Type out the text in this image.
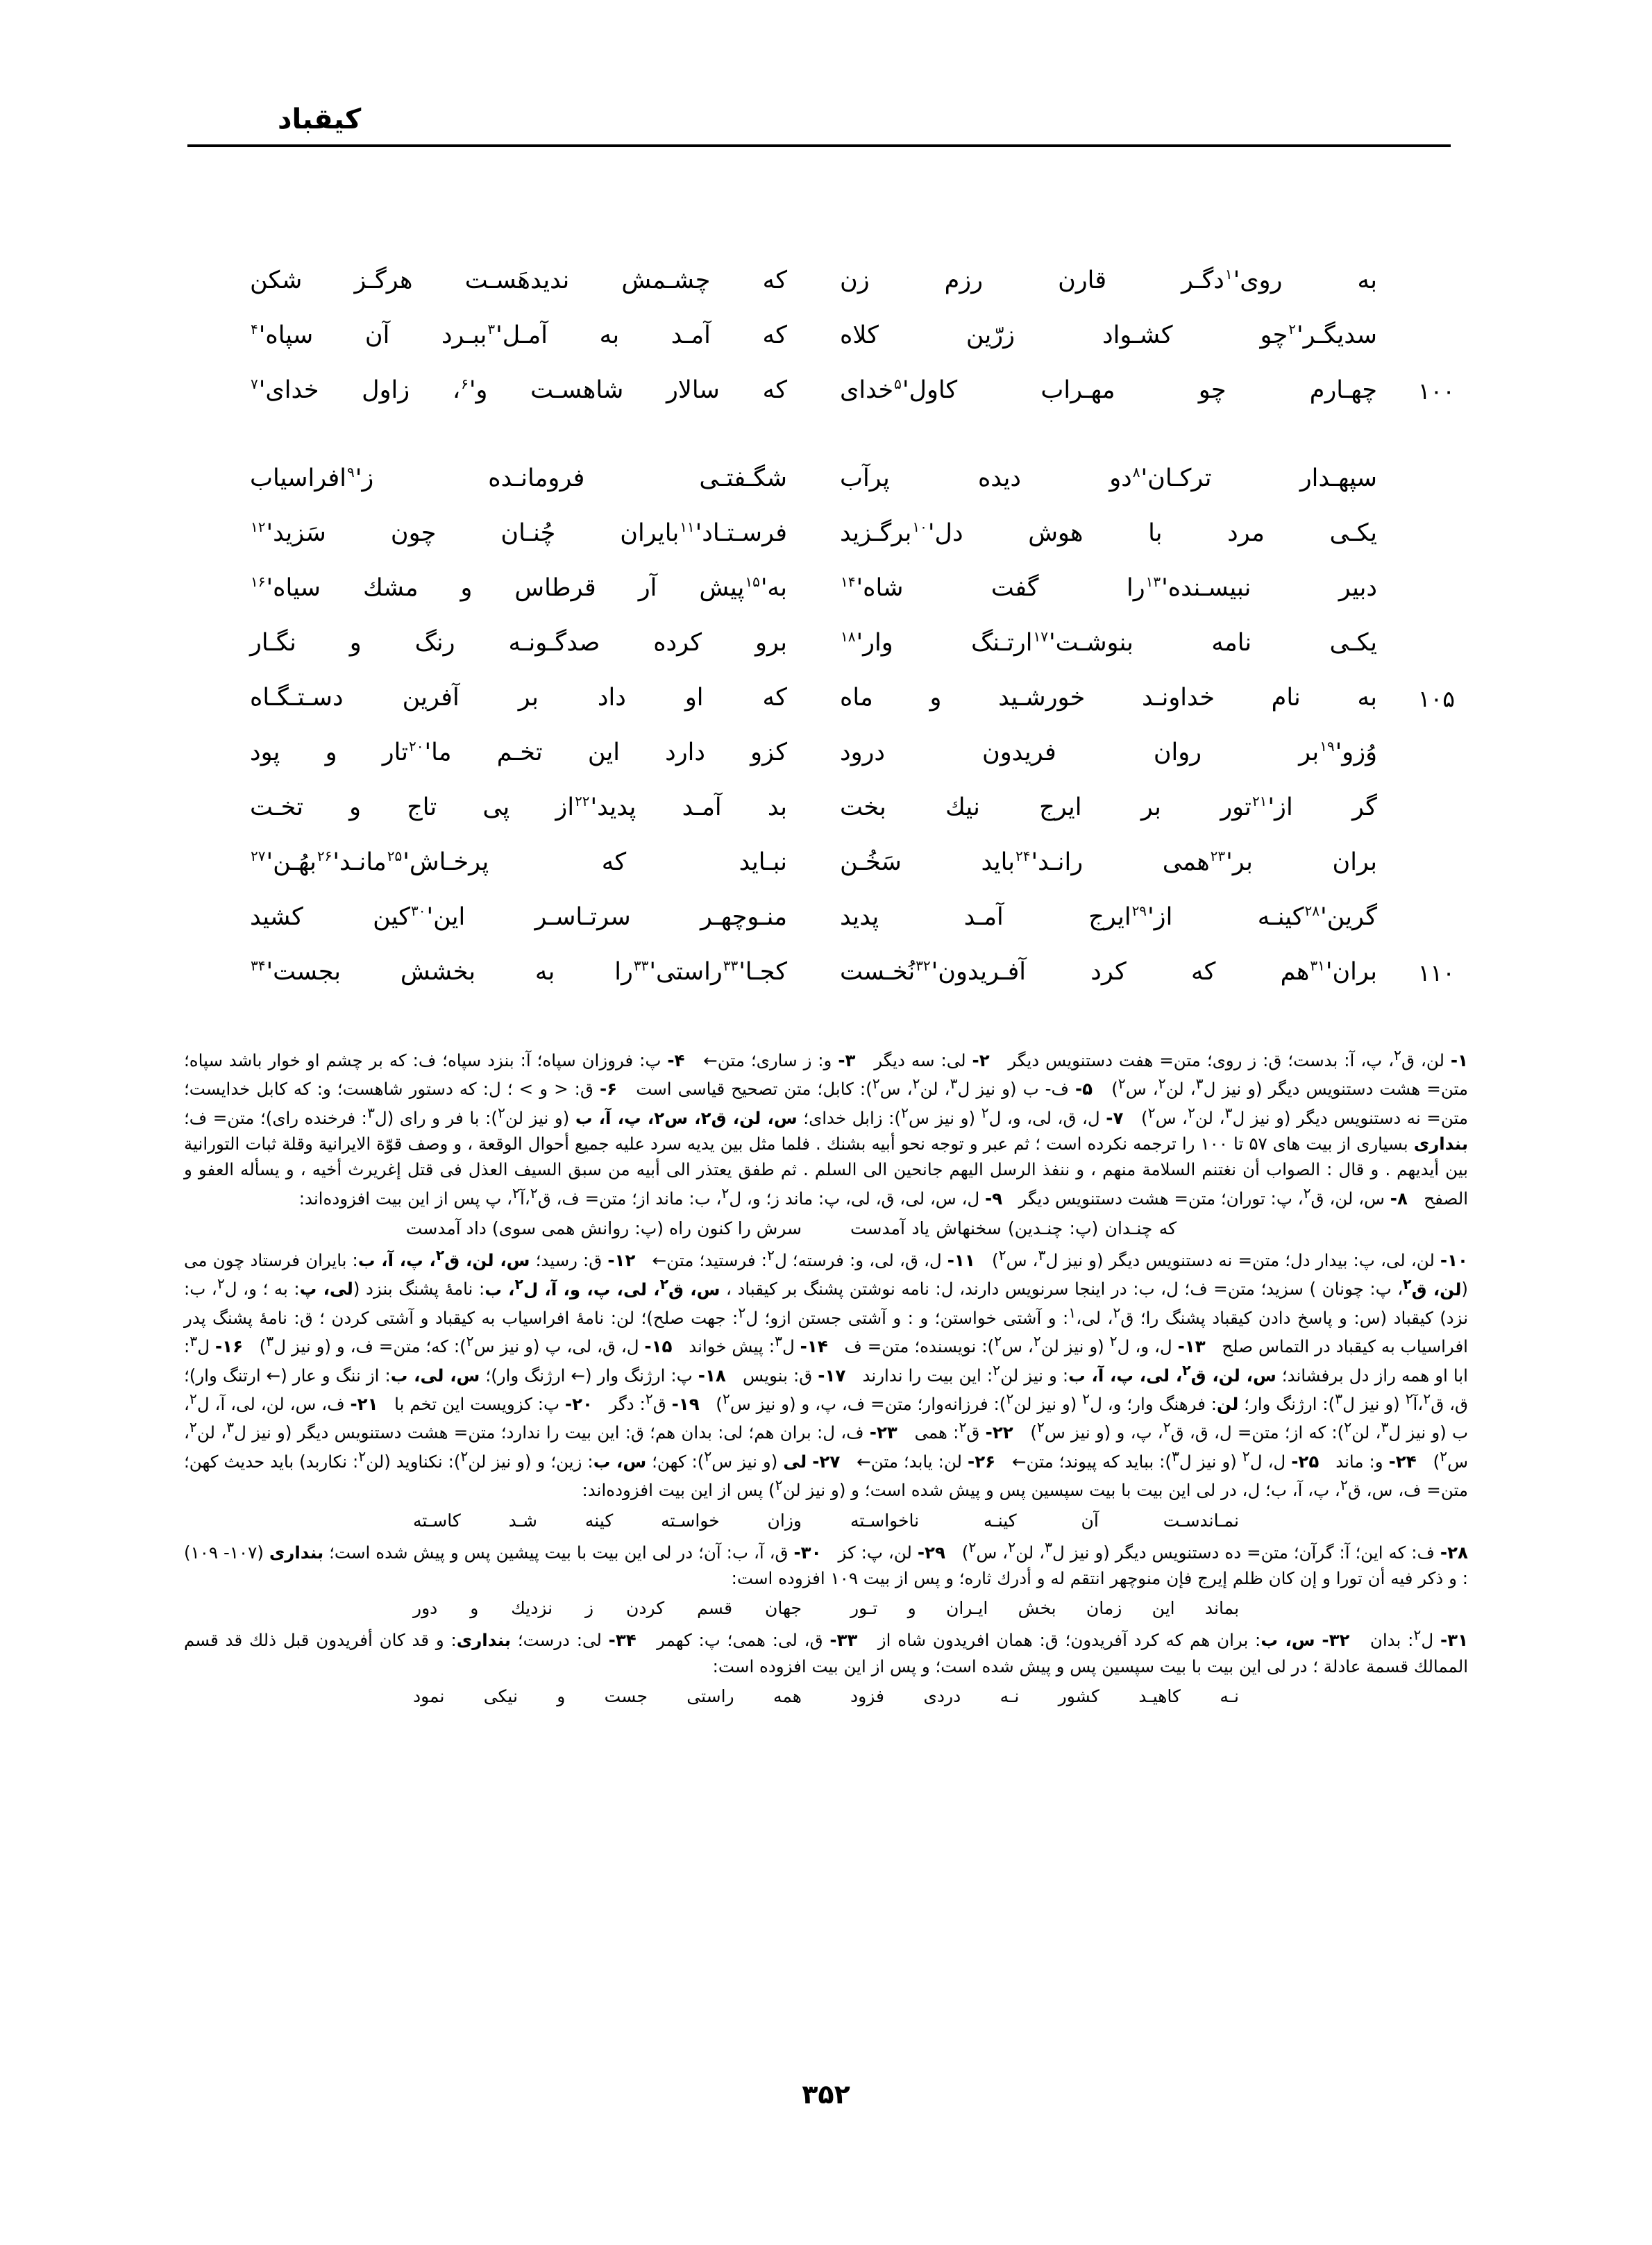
کیقباد
به روی'$^۱$دگـر قارن رزم زن
که چشـمش ندیدهَسـت هرگـز شکن
سدیگـر'$^۲$چو کشـواد زرّین کلاه
که آمـد به آمـل'$^۳$ببـرد آن سپاه'$^۴$
۱۰۰
چهـارم چو مهـراب کاول'$^۵$خدای
که سالار شاهسـت و'$^۶$، زاول خدای'$^۷$
سپهـدار ترکـان'$^۸$دو دیده پرآب
شگـفتـی فرومانـده ز'$^۹$افراسیاب
یکـی مرد با هوش دل'$^{۱۰}$برگـزید
فرسـتـاد'$^{۱۱}$بایران چُنـان چون سَزید'$^{۱۲}$
دبیر نبیسـنده'$^{۱۳}$را گفت شاه'$^{۱۴}$
به'$^{۱۵}$پیش آر قرطاس و مشك سیاه'$^{۱۶}$
یکـی نامه بنوشـت'$^{۱۷}$ارتـنگ وار'$^{۱۸}$
برو کرده صدگـونـه رنگ و نگـار
۱۰۵
به نام خداونـد خورشـید و ماه
که او داد بر آفرین دسـتـگـاه
وُزو'$^{۱۹}$بر روان فریدون درود
کزو دارد این تخـم ما'$^{۲۰}$تار و پود
گر از'$^{۲۱}$تور بر ایرج نیك بخت
بد آمـد پدید'$^{۲۲}$از پی تاج و تخـت
بران بر'$^{۲۳}$همی رانـد'$^{۲۴}$باید سَخُـن
نبـاید که پرخـاش'$^{۲۵}$مانـد'$^{۲۶}$بهُـن'$^{۲۷}$
گرین'$^{۲۸}$کینـه از'$^{۲۹}$ایرج آمـد پدید
منـوچهـر سرتـاسـر این'$^{۳۰}$کین کشید
۱۱۰
بران'$^{۳۱}$هم که کرد آفـریدون'$^{۳۲}$نُخـست
کجـا'$^{۳۳}$راستی'$^{۳۳}$را به بخشش بجست'$^{۳۴}$

۱- لن، ق$^۲$، پ، آ: بدست؛ ق: ز روی؛ متن= هفت دستنویس دیگر   ۲- لی: سه دیگر   ۳- و: ز ساری؛ متن←   ۴- پ: فروزان سپاه؛ آ: بنزد سپاه؛ ف: که بر چشم او خوار باشد سپاه؛ متن= هشت دستنویس دیگر (و نیز ل$^۳$، لن$^۲$، س$^۲$)   ۵- ف- ب (و نیز ل$^۳$، لن$^۲$، س$^۲$): کابل؛ متن تصحیح قیاسی است   ۶- ق: < و > ؛ ل: که دستور شاهست؛ و: که کابل خدایست؛ متن= نه دستنویس دیگر (و نیز ل$^۳$، لن$^۲$، س$^۲$)   ۷- ل، ق، لی، و، ل$^۲$ (و نیز س$^۲$): زابل خدای؛ س، لن، ق۲، س۲، پ، آ، ب (و نیز لن$^۲$): با فر و رای (ل$^۳$: فرخنده رای)؛ متن= ف؛ بنداری بسیاری از بیت های ۵۷ تا ۱۰۰ را ترجمه نکرده است ؛ ثم عبر و توجه نحو أبیه بشنك . فلما مثل بین یدیه سرد علیه جمیع أحوال الوقعة ، و وصف قوّة الایرانیة وقلة ثبات التورانیة بین أیدیهم . و قال : الصواب أن نغتنم السلامة منهم ، و ننفذ الرسل الیهم جانحین الی السلم . ثم طفق یعتذر الی أبیه من سبق السیف العذل فی قتل إغریرث أخیه ، و یسأله العفو و الصفح   ۸- س، لن، ق$^۲$، پ: توران؛ متن= هشت دستنویس دیگر   ۹- ل، س، لی، ق، لی، پ: ماند ز؛ و، ل$^۲$، ب: ماند از؛ متن= ف، ق$^۲$،آ$^۲$، پ پس از این بیت افزوده‌اند:

که چنـدان (پ: چنـدین) سخنهاش یاد آمدست
سرش را کنون راه (پ: روانش همی سوی) داد آمدست

۱۰- لن، لی، پ: بیدار دل؛ متن= نه دستنویس دیگر (و نیز ل$^۳$، س$^۲$)   ۱۱- ل، ق، لی، و: فرسته؛ ل$^۲$: فرستید؛ متن←   ۱۲- ق: رسید؛ س، لن، ق$^۲$، پ، آ، ب: بایران فرستاد چون می (لن، ق$^۲$، پ: چونان ) سزید؛ متن= ف؛ ل، ب: در اینجا سرنویس دارند، ل: نامه نوشتن پشنگ بر کیقباد ، س، ق$^۲$، لی، پ، و، آ، ل$^۲$، ب: نامهٔ پشنگ بنزد (لی، پ: به ؛ و، ل$^۲$، ب: نزد) کیقباد (س: و پاسخ دادن کیقباد پشنگ را؛ ق$^۲$، لی،$^۱$: و آشتی خواستن؛ و : و آشتی جستن ازو؛ ل$^۲$: جهت صلح)؛ لن: نامهٔ افراسیاب به کیقباد و آشتی کردن ؛ ق: نامهٔ پشنگ پدر افراسیاب به کیقباد در التماس صلح   ۱۳- ل، و، ل$^۲$ (و نیز لن$^۲$، س$^۲$): نویسنده؛ متن= ف   ۱۴- ل$^۳$: پیش خواند   ۱۵- ل، ق، لی، پ (و نیز س$^۲$): که؛ متن= ف، و (و نیز ل$^۳$)   ۱۶- ل$^۳$: ابا او همه راز دل برفشاند؛ س، لن، ق$^۲$، لی، پ، آ، ب: و نیز لن$^۲$: این بیت را ندارند   ۱۷- ق: بنویس   ۱۸- پ: ارژنگ وار (← ارژنگ وار)؛ س، لی، ب: از ننگ و عار (← ارتنگ وار)؛ ق، ق$^۲$،آ$^۲$ (و نیز ل$^۳$): ارژنگ وار؛ لن: فرهنگ وار؛ و، ل$^۲$ (و نیز لن$^۲$): فرزانه‌وار؛ متن= ف، پ، و (و نیز س$^۲$)   ۱۹- ق$^۲$: دگر   ۲۰- پ: کزویست این تخم با   ۲۱- ف، س، لن، لی، آ، ل$^۲$، ب (و نیز ل$^۳$، لن$^۲$): که از؛ متن= ل، ق، ق$^۲$، پ، و (و نیز س$^۲$)   ۲۲- ق$^۲$: همی   ۲۳- ف، ل: بران هم؛ لی: بدان هم؛ ق: این بیت را ندارد؛ متن= هشت دستنویس دیگر (و نیز ل$^۳$، لن$^۲$، س$^۲$)   ۲۴- و: ماند   ۲۵- ل، ل$^۲$ (و نیز ل$^۳$): بباید که پیوند؛ متن←   ۲۶- لن: یابد؛ متن←   ۲۷- لی (و نیز س$^۲$): کهن؛ س، ب: زین؛ و (و نیز لن$^۲$): نکناوید (لن$^۲$: نکاربد) باید حدیث کهن؛ متن= ف، س، ق$^۲$، پ، آ، ب؛ ل، در لی این بیت با بیت سپسین پس و پیش شده است؛ و (و نیز لن$^۲$) پس از این بیت افزوده‌اند:

نمـاندسـت آن کینـه ناخواسـته
وزان خواسـته کینه شـد کاسـته

۲۸- ف: که این؛ آ: گرآن؛ متن= ده دستنویس دیگر (و نیز ل$^۳$، لن$^۲$، س$^۲$)   ۲۹- لن، پ: کز   ۳۰- ق، آ، ب: آن؛ در لی این بیت با بیت پیشین پس و پیش شده است؛ بنداری (۱۰۷- ۱۰۹) : و ذکر فیه أن تورا و إن کان ظلم إیرج فإن منوچهر انتقم له و أدرك ثاره؛ و پس از بیت ۱۰۹ افزوده است:

بماند این زمان بخش ایـران و تـور
جهان قسم کردن ز نزدیك و دور

۳۱- ل$^۲$: بدان   ۳۲- س، ب: بران هم که کرد آفریدون؛ ق: همان افریدون شاه از   ۳۳- ق، لی: همی؛ پ: کهمر   ۳۴- لی: درست؛ بنداری: و قد کان أفریدون قبل ذلك قد قسم الممالك قسمة عادلة ؛ در لی این بیت با بیت سپسین پس و پیش شده است؛ و پس از این بیت افزوده است:

نـه کاهیـد کشور نـه دردی فزود
همه راستی جست و نیکی نمود
۳۵۲
